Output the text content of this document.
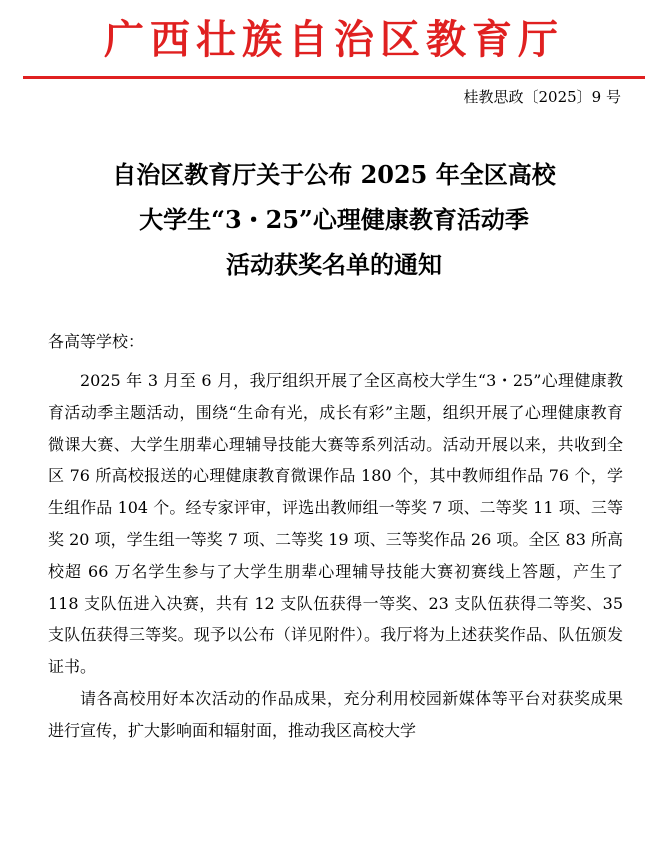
广西壮族自治区教育厅
桂教思政〔2025〕9 号
自治区教育厅关于公布 2025 年全区高校
大学生“3・25”心理健康教育活动季
活动获奖名单的通知
各高等学校：

2025 年 3 月至 6 月，我厅组织开展了全区高校大学生“3・25”心理健康教育活动季主题活动，围绕“生命有光，成长有彩”主题，组织开展了心理健康教育微课大赛、大学生朋辈心理辅导技能大赛等系列活动。活动开展以来，共收到全区 76 所高校报送的心理健康教育微课作品 180 个，其中教师组作品 76 个，学生组作品 104 个。经专家评审，评选出教师组一等奖 7 项、二等奖 11 项、三等奖 20 项，学生组一等奖 7 项、二等奖 19 项、三等奖作品 26 项。全区 83 所高校超 66 万名学生参与了大学生朋辈心理辅导技能大赛初赛线上答题，产生了 118 支队伍进入决赛，共有 12 支队伍获得一等奖、23 支队伍获得二等奖、35 支队伍获得三等奖。现予以公布（详见附件）。我厅将为上述获奖作品、队伍颁发证书。

请各高校用好本次活动的作品成果，充分利用校园新媒体等平台对获奖成果进行宣传，扩大影响面和辐射面，推动我区高校大学
